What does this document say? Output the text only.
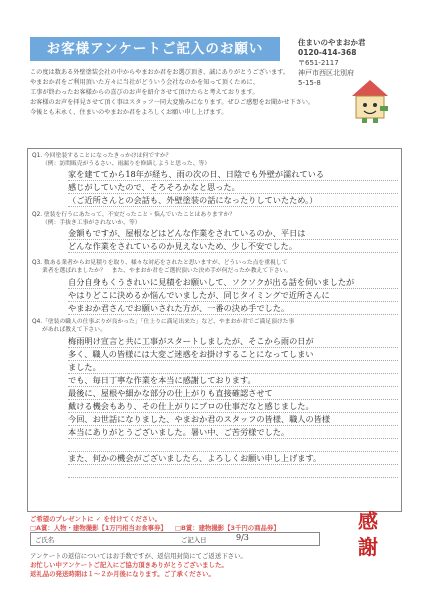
お客様アンケートご記入のお願い	住まいのやまおか君
0120-414-368
〒651-2117
神戸市西区北別府
5-15-8

この度は数ある外壁塗装会社の中からやまおか君をお選び頂き、誠にありがとうございます。

やまおか君をご利用頂いた方々に当社がどういう会社なのかを知って頂くために、

工事が終わったお客様からの喜びのお声を紹介させて頂けたらと考えております。

お客様のお声を拝見させて頂く事はスタッフ一同大変励みになります。ぜひご感想をお聞かせ下さい。

今後とも末永く、住まいのやまおか君をよろしくお願い申し上げます。

Q1. 今回塗装することになったきっかけは何ですか？
（例：訪問販売がうるさい、雨漏りを修繕しようと思った、等）
家を建ててから18年が経ち、雨の次の日、日陰でも外壁が濡れている
感じがしていたので、そろそろかなと思った。
（ご近所さんとの会話も、外壁塗装の話になったりしていたため。）
Q2. 塗装を行うにあたって、不安だったこと・悩んでいたことはありますか？
（例：手抜き工事がされないか、等）
金額もですが、屋根などはどんな作業をされているのか、平日は
どんな作業をされているのか見えないため、少し不安でした。
Q3. 数ある業者からお見積りを取り、様々な対応をされたと思いますが、どういった点を重視して
業者を選ばれましたか？　また、やまおか君をご選択頂いた決め手が何だったか教えて下さい。
自分自身もくうきれいに見積をお願いして、ソクソクが出る話を伺いましたが
やはりどこに決めるか悩んでいましたが、同じタイミングで近所さんに
やまおか君さんでお願いされた方が、一番の決め手でした。
Q4.「塗装の職人の仕事ぶりが良かった」「仕上りに満足出来た」など、やまおか君でご満足頂けた事
があれば教えて下さい。
梅雨明け宣言と共に工事がスタートしましたが、そこから雨の日が
多く、職人の皆様には大変ご迷惑をお掛けすることになってしまい
ました。
でも、毎日丁寧な作業を本当に感謝しております。
最後に、屋根や細かな部分の仕上がりも直接確認させて
戴ける機会もあり、その仕上がりにプロの仕事だなと感じました。
今回、お世話になりました、やまおか君のスタッフの皆様、職人の皆様
本当にありがとうございました。暑い中、ご苦労様でした。
また、何かの機会がございましたら、よろしくお願い申し上げます。
ご希望のプレゼントに ✓ を付けてください。
□A賞：人物・建物撮影【1万円相当お食事券】 □B賞：建物撮影【3千円の商品券】
ご氏名	ご記入日	9/3
アンケートの返信についてはお手数ですが、返信用封筒にてご返送下さい。
お忙しい中アンケートご記入にご協力頂きありがとうございました。
返礼品の発送時期は１～２か月後になります。ご了承ください。
感
謝
